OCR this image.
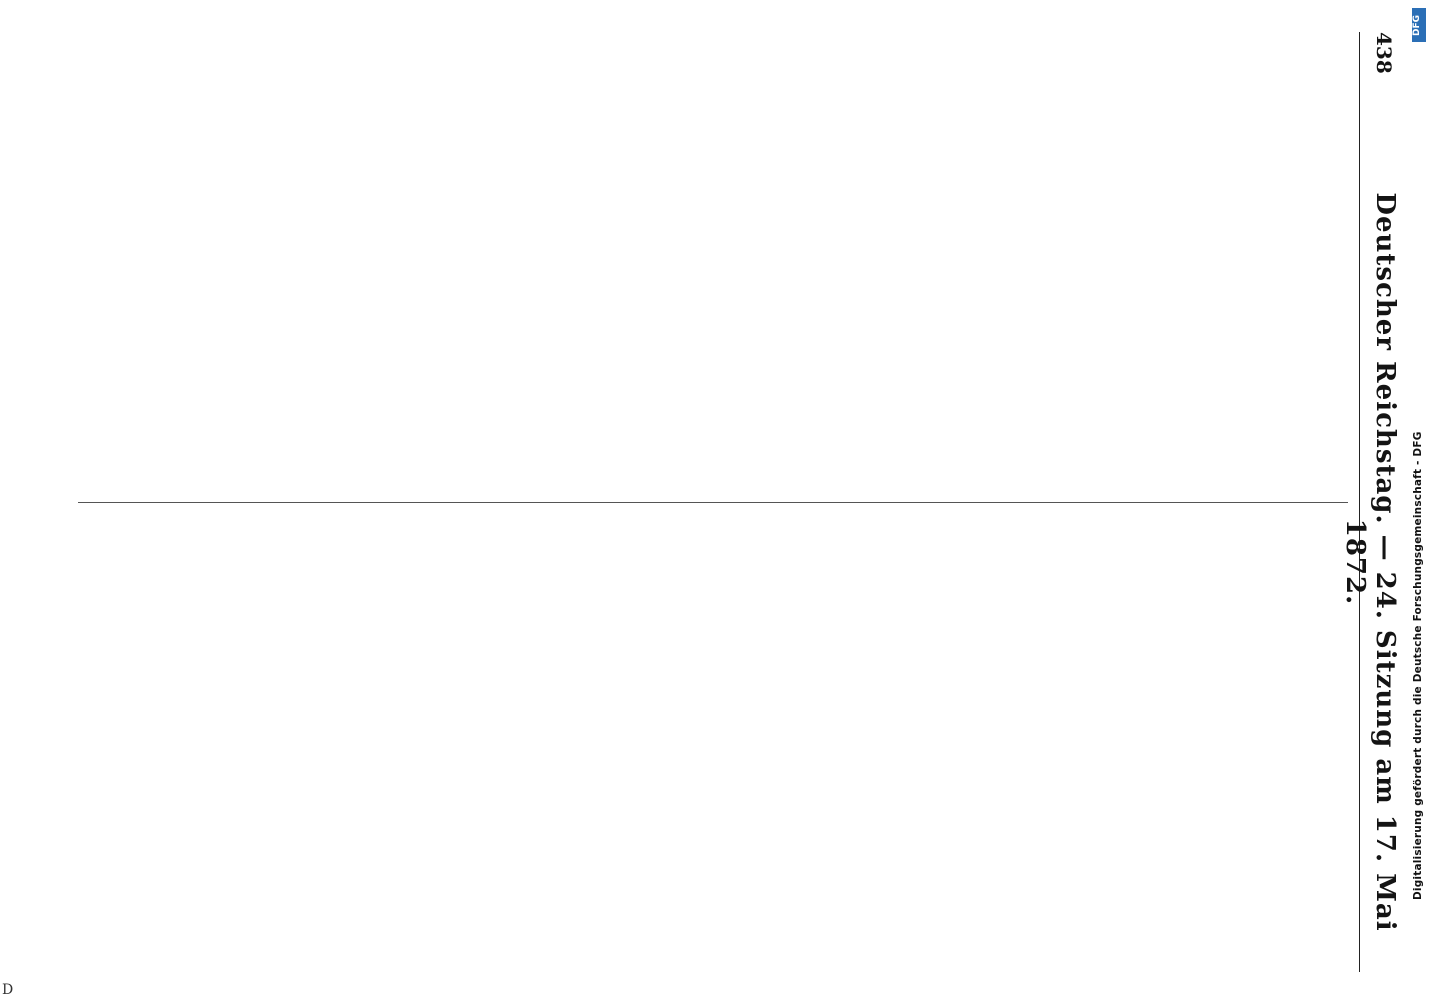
438
Deutscher Reichstag. — 24. Sitzung am 17. Mai 1872.

DFG
Digitalisierung gefördert durch die Deutsche Forschungsgemeinschaft - DFG
D
